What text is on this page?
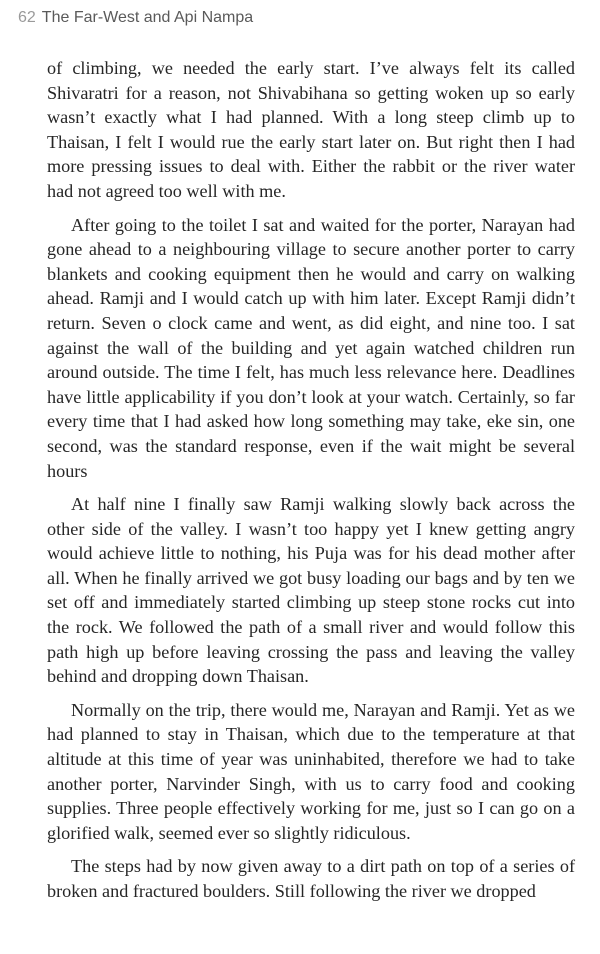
62 The Far-West and Api Nampa

of climbing, we needed the early start. I’ve always felt its called Shivaratri for a reason, not Shivabihana so getting woken up so early wasn’t exactly what I had planned. With a long steep climb up to Thaisan, I felt I would rue the early start later on. But right then I had more pressing issues to deal with. Either the rabbit or the river water had not agreed too well with me.

After going to the toilet I sat and waited for the porter, Narayan had gone ahead to a neighbouring village to secure another porter to carry blankets and cooking equipment then he would and carry on walking ahead. Ramji and I would catch up with him later. Except Ramji didn’t return. Seven o clock came and went, as did eight, and nine too. I sat against the wall of the building and yet again watched children run around outside. The time I felt, has much less relevance here. Deadlines have little applicability if you don’t look at your watch. Certainly, so far every time that I had asked how long something may take, eke sin, one second, was the standard response, even if the wait might be several hours

At half nine I finally saw Ramji walking slowly back across the other side of the valley. I wasn’t too happy yet I knew getting angry would achieve little to nothing, his Puja was for his dead mother after all. When he finally arrived we got busy loading our bags and by ten we set off and immediately started climbing up steep stone rocks cut into the rock. We followed the path of a small river and would follow this path high up before leaving crossing the pass and leaving the valley behind and dropping down Thaisan.

Normally on the trip, there would me, Narayan and Ramji. Yet as we had planned to stay in Thaisan, which due to the temperature at that altitude at this time of year was uninhabited, therefore we had to take another porter, Narvinder Singh, with us to carry food and cooking supplies. Three people effectively working for me, just so I can go on a glorified walk, seemed ever so slightly ridiculous.

The steps had by now given away to a dirt path on top of a series of broken and fractured boulders. Still following the river we dropped
